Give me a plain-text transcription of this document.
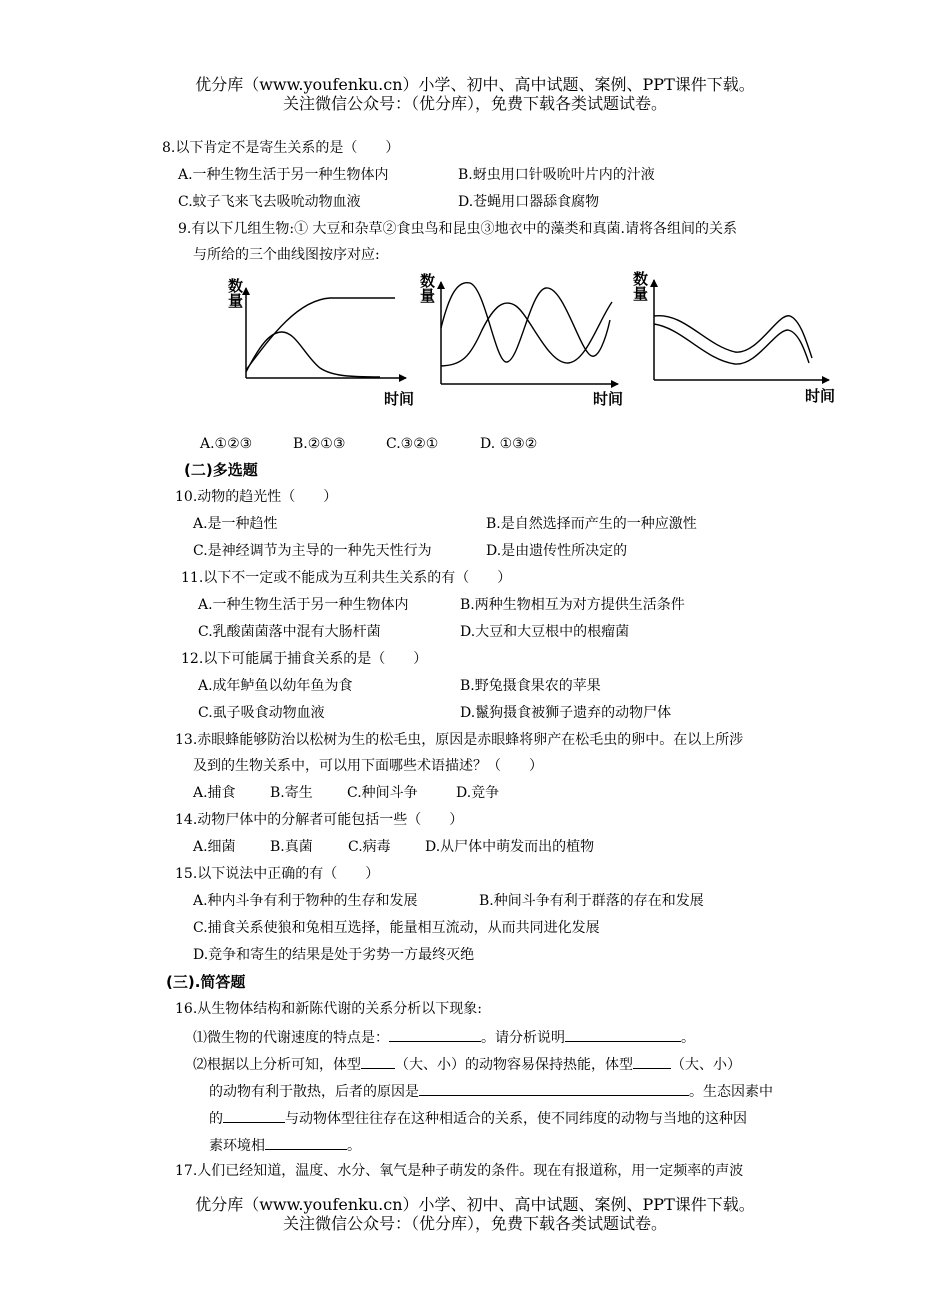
优分库（www.youfenku.cn）小学、初中、高中试题、案例、PPT课件下载。
关注微信公众号：（优分库），免费下载各类试题试卷。
8.以下肯定不是寄生关系的是（　　）
A.一种生物生活于另一种生物体内	B.蚜虫用口针吸吮叶片内的汁液
C.蚊子飞来飞去吸吮动物血液	D.苍蝇用口器舔食腐物
9.有以下几组生物:① 大豆和杂草②食虫鸟和昆虫③地衣中的藻类和真菌.请将各组间的关系
与所给的三个曲线图按序对应:
数
量
时间
数
量
时间
数
量
时间
A.①②③	B.②①③	C.③②①	D. ①③②
(二)多选题
10.动物的趋光性（　　）
A.是一种趋性	B.是自然选择而产生的一种应激性
C.是神经调节为主导的一种先天性行为	D.是由遗传性所决定的
11.以下不一定或不能成为互利共生关系的有（　　）
A.一种生物生活于另一种生物体内	B.两种生物相互为对方提供生活条件
C.乳酸菌菌落中混有大肠杆菌	D.大豆和大豆根中的根瘤菌
12.以下可能属于捕食关系的是（　　）
A.成年鲈鱼以幼年鱼为食	B.野兔摄食果农的苹果
C.虱子吸食动物血液	D.鬣狗摄食被狮子遗弃的动物尸体
13.赤眼蜂能够防治以松树为生的松毛虫，原因是赤眼蜂将卵产在松毛虫的卵中。在以上所涉
及到的生物关系中，可以用下面哪些术语描述？（　　）
A.捕食 B.寄生 C.种间斗争	D.竞争
14.动物尸体中的分解者可能包括一些（　　）
A.细菌 B.真菌	C.病毒 D.从尸体中萌发而出的植物
15.以下说法中正确的有（　　）
A.种内斗争有利于物种的生存和发展	B.种间斗争有利于群落的存在和发展
C.捕食关系使狼和兔相互选择，能量相互流动，从而共同进化发展
D.竞争和寄生的结果是处于劣势一方最终灭绝
(三).简答题
16.从生物体结构和新陈代谢的关系分析以下现象:
⑴微生物的代谢速度的特点是：	。请分析说明	。
⑵根据以上分析可知，体型 （大、小）的动物容易保持热能，体型	（大、小）
的动物有利于散热，后者的原因是	。生态因素中
的	与动物体型往往存在这种相适合的关系，使不同纬度的动物与当地的这种因
素环境相	。
17.人们已经知道，温度、水分、氧气是种子萌发的条件。现在有报道称，用一定频率的声波
优分库（www.youfenku.cn）小学、初中、高中试题、案例、PPT课件下载。
关注微信公众号：（优分库），免费下载各类试题试卷。
